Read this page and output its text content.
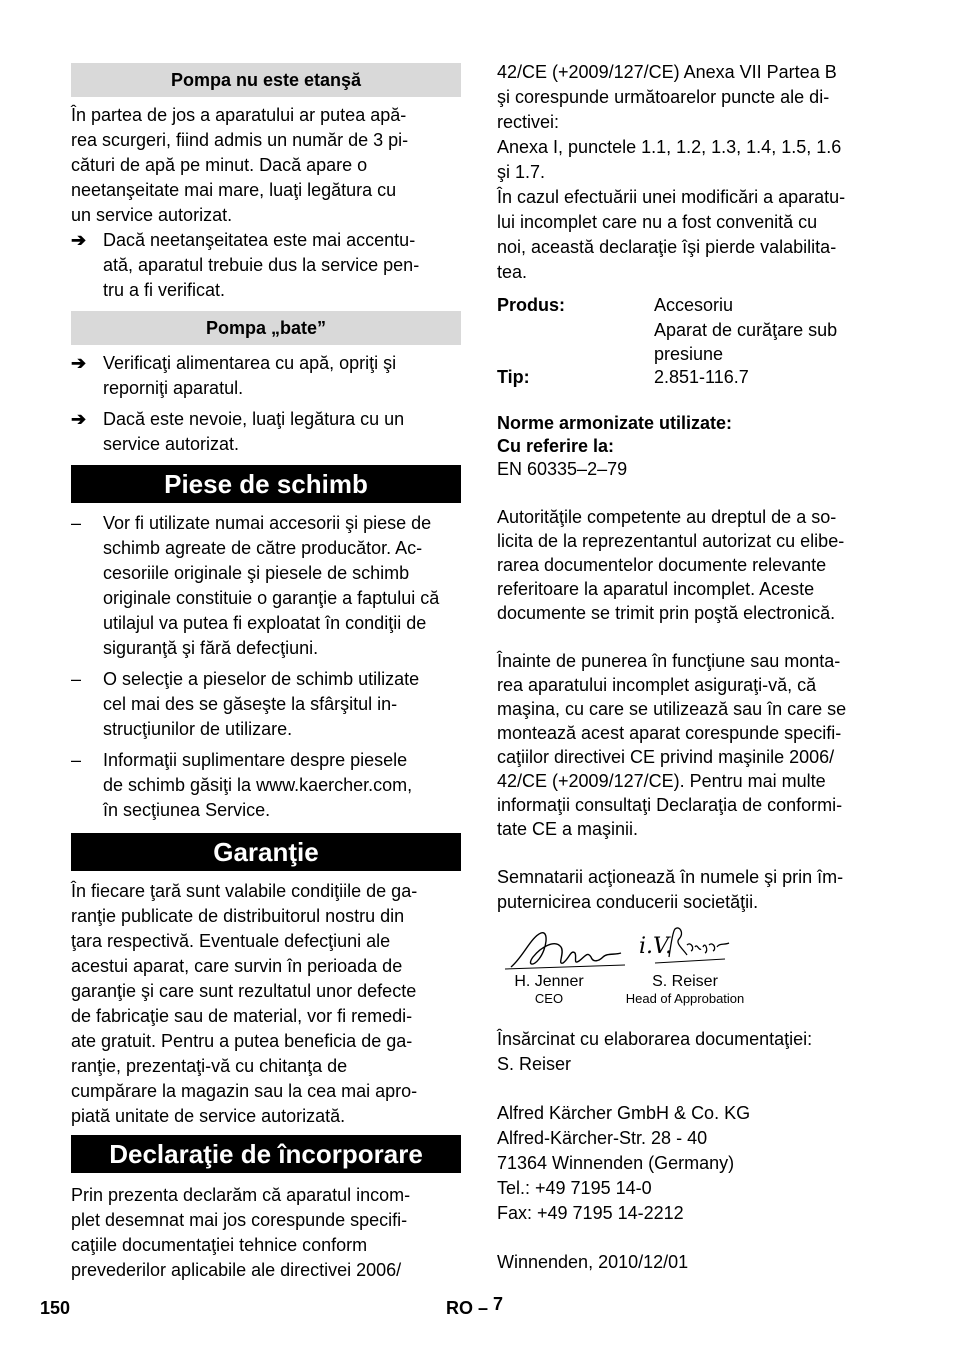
Pompa nu este etanşă
În partea de jos a aparatului ar putea apă-
rea scurgeri, fiind admis un număr de 3 pi-
cături de apă pe minut. Dacă apare o
neetanşeitate mai mare, luaţi legătura cu
un service autorizat.
➔ Dacă neetanşeitatea este mai accentu-
ată, aparatul trebuie dus la service pen-
tru a fi verificat.
Pompa „bate”
➔ Verificaţi alimentarea cu apă, opriţi şi
reporniţi aparatul.
➔ Dacă este nevoie, luaţi legătura cu un
service autorizat.
Piese de schimb
– Vor fi utilizate numai accesorii şi piese de
schimb agreate de către producător. Ac-
cesoriile originale şi piesele de schimb
originale constituie o garanţie a faptului că
utilajul va putea fi exploatat în condiţii de
siguranţă şi fără defecţiuni.
– O selecţie a pieselor de schimb utilizate
cel mai des se găseşte la sfârşitul in-
strucţiunilor de utilizare.
– Informaţii suplimentare despre piesele
de schimb găsiţi la www.kaercher.com,
în secţiunea Service.
Garanţie
În fiecare ţară sunt valabile condiţiile de ga-
ranţie publicate de distribuitorul nostru din
ţara respectivă. Eventuale defecţiuni ale
acestui aparat, care survin în perioada de
garanţie şi care sunt rezultatul unor defecte
de fabricaţie sau de material, vor fi remedi-
ate gratuit. Pentru a putea beneficia de ga-
ranţie, prezentaţi-vă cu chitanţa de
cumpărare la magazin sau la cea mai apro-
piată unitate de service autorizată.
Declaraţie de încorporare
Prin prezenta declarăm că aparatul incom-
plet desemnat mai jos corespunde specifi-
caţiile documentaţiei tehnice conform
prevederilor aplicabile ale directivei 2006/
42/CE (+2009/127/CE) Anexa VII Partea B
şi corespunde următoarelor puncte ale di-
rectivei:
Anexa I, punctele 1.1, 1.2, 1.3, 1.4, 1.5, 1.6
şi 1.7.
În cazul efectuării unei modificări a aparatu-
lui incomplet care nu a fost convenită cu
noi, această declaraţie îşi pierde valabilita-
tea.
Produs:	Accesoriu
Aparat de curăţare sub
presiune

Tip:	2.851-116.7
Norme armonizate utilizate:
Cu referire la:
EN 60335–2–79
Autorităţile competente au dreptul de a so-
licita de la reprezentantul autorizat cu elibe-
rarea documentelor documente relevante
referitoare la aparatul incomplet. Aceste
documente se trimit prin poştă electronică.
Înainte de punerea în funcţiune sau monta-
rea aparatului incomplet asiguraţi-vă, că
maşina, cu care se utilizează sau în care se
montează acest aparat corespunde specifi-
caţiilor directivei CE privind maşinile 2006/
42/CE (+2009/127/CE). Pentru mai multe
informaţii consultaţi Declaraţia de conformi-
tate CE a maşinii.
Semnatarii acţionează în numele şi prin îm-
puternicirea conducerii societăţii.
i.V.
H. Jenner
CEO
S. Reiser
Head of Approbation
Însărcinat cu elaborarea documentaţiei:
S. Reiser
Alfred Kärcher GmbH & Co. KG
Alfred-Kärcher-Str. 28 - 40
71364 Winnenden (Germany)
Tel.: +49 7195 14-0
Fax: +49 7195 14-2212
Winnenden, 2010/12/01
150	RO – 7
